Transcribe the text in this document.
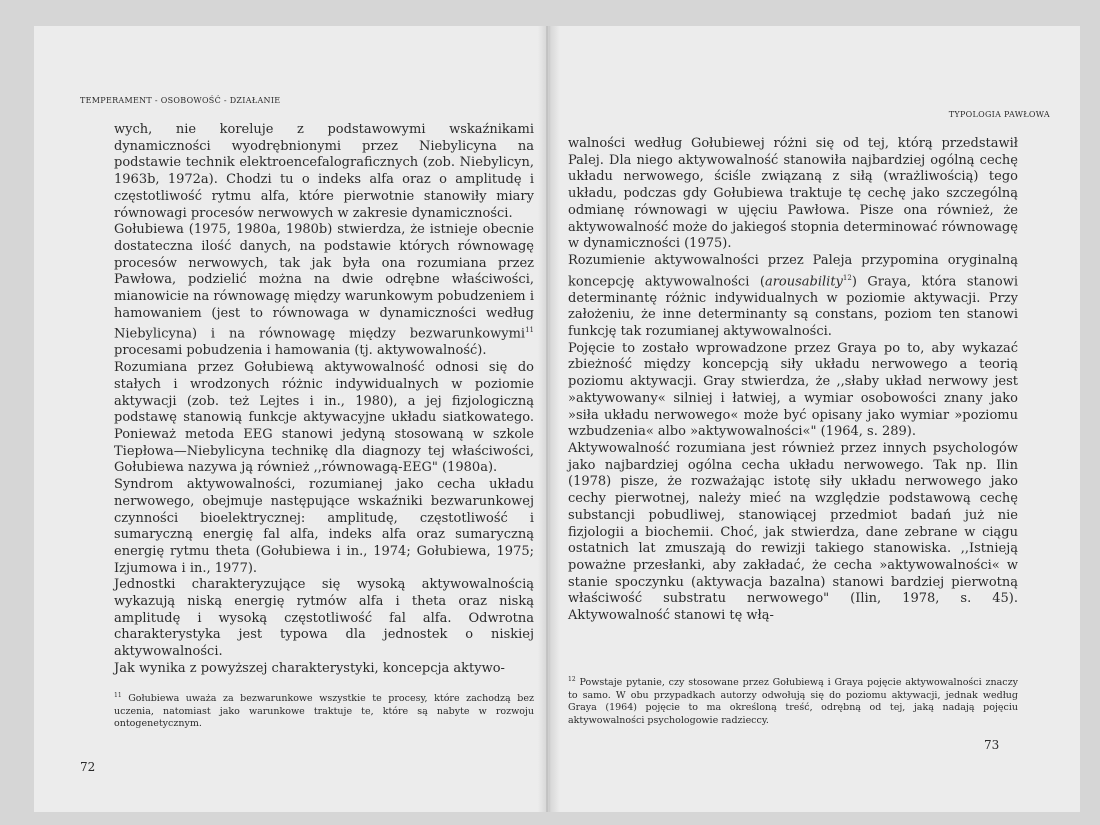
TEMPERAMENT - OSOBOWOŚĆ - DZIAŁANIE

wych, nie koreluje z podstawowymi wskaźnikami dynamiczności wyodrębnionymi przez Niebylicyna na podstawie technik elektroencefalograficznych (zob. Niebylicyn, 1963b, 1972a). Chodzi tu o indeks alfa oraz o amplitudę i częstotliwość rytmu alfa, które pierwotnie stanowiły miary równowagi procesów nerwowych w zakresie dynamiczności.

Gołubiewa (1975, 1980a, 1980b) stwierdza, że istnieje obecnie dostateczna ilość danych, na podstawie których równowagę procesów nerwowych, tak jak była ona rozumiana przez Pawłowa, podzielić można na dwie odrębne właściwości, mianowicie na równowagę między warunkowym pobudzeniem i hamowaniem (jest to równowaga w dynamiczności według Niebylicyna) i na równowagę między bezwarunkowymi$^{11}$ procesami pobudzenia i hamowania (tj. aktywowalność).

Rozumiana przez Gołubiewą aktywowalność odnosi się do stałych i wrodzonych różnic indywidualnych w poziomie aktywacji (zob. też Lejtes i in., 1980), a jej fizjologiczną podstawę stanowią funkcje aktywacyjne układu siatkowatego. Ponieważ metoda EEG stanowi jedyną stosowaną w szkole Tiepłowa—Niebylicyna technikę dla diagnozy tej właściwości, Gołubiewa nazywa ją również ,,równowagą-EEG" (1980a).

Syndrom aktywowalności, rozumianej jako cecha układu nerwowego, obejmuje następujące wskaźniki bezwarunkowej czynności bioelektrycznej: amplitudę, częstotliwość i sumaryczną energię fal alfa, indeks alfa oraz sumaryczną energię rytmu theta (Gołubiewa i in., 1974; Gołubiewa, 1975; Izjumowa i in., 1977).

Jednostki charakteryzujące się wysoką aktywowalnością wykazują niską energię rytmów alfa i theta oraz niską amplitudę i wysoką częstotliwość fal alfa. Odwrotna charakterystyka jest typowa dla jednostek o niskiej aktywowalności.

Jak wynika z powyższej charakterystyki, koncepcja aktywo-

$^{11}$ Gołubiewa uważa za bezwarunkowe wszystkie te procesy, które zachodzą bez uczenia, natomiast jako warunkowe traktuje te, które są nabyte w rozwoju ontogenetycznym.
72
TYPOLOGIA PAWŁOWA

walności według Gołubiewej różni się od tej, którą przedstawił Palej. Dla niego aktywowalność stanowiła najbardziej ogólną cechę układu nerwowego, ściśle związaną z siłą (wrażliwością) tego układu, podczas gdy Gołubiewa traktuje tę cechę jako szczególną odmianę równowagi w ujęciu Pawłowa. Pisze ona również, że aktywowalność może do jakiegoś stopnia determinować równowagę w dynamiczności (1975).

Rozumienie aktywowalności przez Paleja przypomina oryginalną koncepcję aktywowalności (arousability$^{12}$) Graya, która stanowi determinantę różnic indywidualnych w poziomie aktywacji. Przy założeniu, że inne determinanty są constans, poziom ten stanowi funkcję tak rozumianej aktywowalności.

Pojęcie to zostało wprowadzone przez Graya po to, aby wykazać zbieżność między koncepcją siły układu nerwowego a teorią poziomu aktywacji. Gray stwierdza, że ,,słaby układ nerwowy jest »aktywowany« silniej i łatwiej, a wymiar osobowości znany jako »siła układu nerwowego« może być opisany jako wymiar »poziomu wzbudzenia« albo »aktywowalności«" (1964, s. 289).

Aktywowalność rozumiana jest również przez innych psychologów jako najbardziej ogólna cecha układu nerwowego. Tak np. Ilin (1978) pisze, że rozważając istotę siły układu nerwowego jako cechy pierwotnej, należy mieć na względzie podstawową cechę substancji pobudliwej, stanowiącej przedmiot badań już nie fizjologii a biochemii. Choć, jak stwierdza, dane zebrane w ciągu ostatnich lat zmuszają do rewizji takiego stanowiska. ,,Istnieją poważne przesłanki, aby zakładać, że cecha »aktywowalności« w stanie spoczynku (aktywacja bazalna) stanowi bardziej pierwotną właściwość substratu nerwowego" (Ilin, 1978, s. 45). Aktywowalność stanowi tę włą-

$^{12}$ Powstaje pytanie, czy stosowane przez Gołubiewą i Graya pojęcie aktywowalności znaczy to samo. W obu przypadkach autorzy odwołują się do poziomu aktywacji, jednak według Graya (1964) pojęcie to ma określoną treść, odrębną od tej, jaką nadają pojęciu aktywowalności psychologowie radzieccy.
73
